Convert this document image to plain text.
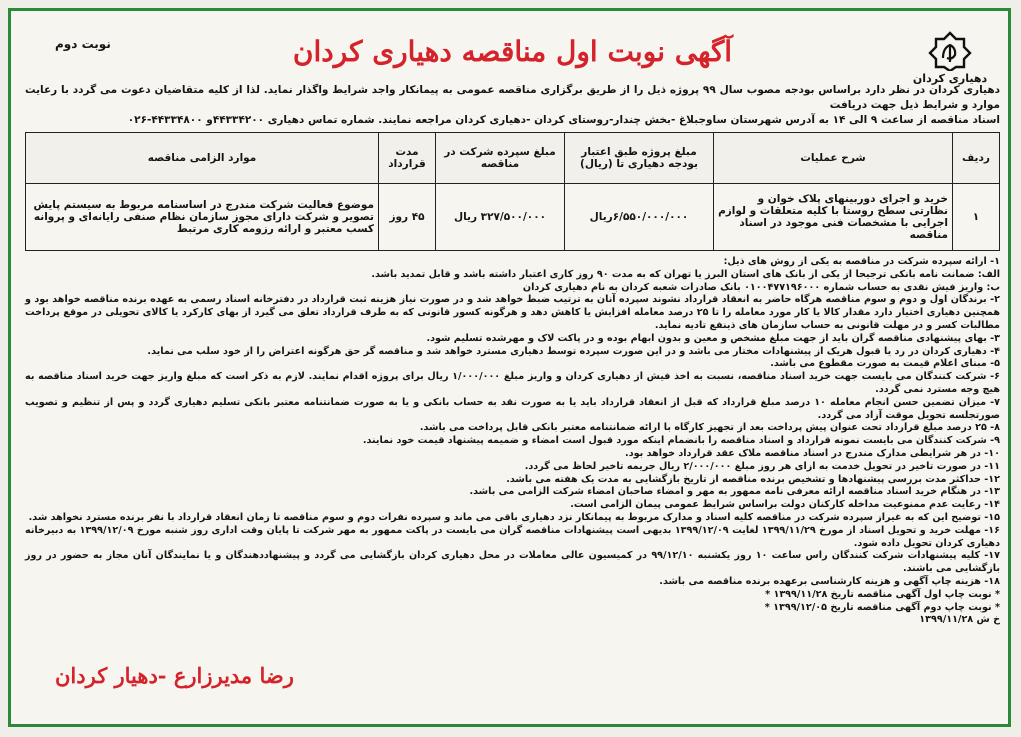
دهیاری کردان
آگهی نوبت اول مناقصه دهیاری کردان
نوبت دوم
دهیاری کردان در نظر دارد براساس بودجه مصوب سال ۹۹ پروژه ذیل را از طریق برگزاری مناقصه عمومی به پیمانکار واجد شرایط واگذار نماید. لذا از کلیه متقاضیان دعوت می گردد با رعایت موارد و شرایط ذیل جهت دریافت
اسناد مناقصه از ساعت ۹ الی ۱۴ به آدرس شهرستان ساوجبلاغ -بخش چندار-روستای کردان -دهیاری کردان مراجعه نمایند. شماره تماس دهیاری ۴۴۳۳۴۲۰۰و ۴۴۳۳۴۸۰۰-۰۲۶
ردیف	شرح عملیات	مبلغ پروژه طبق اعتبار بودجه دهیاری تا (ریال)	مبلغ سپرده شرکت در مناقصه	مدت قرارداد	موارد الزامی مناقصه
۱	خرید و اجرای دوربینهای پلاک خوان و نظارتی سطح روستا با کلیه متعلقات و لوازم اجرایی با مشخصات فنی موجود در اسناد مناقصه	۶/۵۵۰/۰۰۰/۰۰۰ریال	۳۲۷/۵۰۰/۰۰۰ ریال	۴۵ روز	موضوع فعالیت شرکت مندرج در اساسنامه مربوط به سیستم پایش تصویر و شرکت دارای مجوز سازمان نظام صنفی رایانه‌ای و پروانه کسب معتبر و ارائه رزومه کاری مرتبط
۱- ارائه سپرده شرکت در مناقصه به یکی از روش های ذیل:
الف: ضمانت نامه بانکی ترجیحا از یکی از بانک های استان البرز یا تهران که به مدت ۹۰ روز کاری اعتبار داشته باشد و قابل تمدید باشد.
ب: واریز فیش نقدی به حساب شماره ۰۱۰۰۴۷۷۱۹۶۰۰۰ بانک صادرات شعبه کردان به نام دهیاری کردان
۲- برندگان اول و دوم و سوم مناقصه هرگاه حاضر به انعقاد قرارداد نشوند سپرده آنان به ترتیب ضبط خواهد شد و در صورت نیاز هزینه ثبت قرارداد در دفترخانه اسناد رسمی به عهده برنده مناقصه خواهد بود و همچنین دهیاری اختیار دارد مقدار کالا یا کار مورد معامله را تا ۲۵ درصد معامله افزایش یا کاهش دهد و هرگونه کسور قانونی که به طرف قرارداد تعلق می گیرد از بهای کارکرد یا کالای تحویلی در موقع پرداخت مطالبات کسر و در مهلت قانونی به حساب سازمان های ذینفع تادیه نماید.
۳- بهای پیشنهادی مناقصه گران باید از جهت مبلغ مشخص و معین و بدون ابهام بوده و در پاکت لاک و مهرشده تسلیم شود.
۴- دهیاری کردان در رد یا قبول هریک از پیشنهادات مختار می باشد و در این صورت سپرده توسط دهیاری مسترد خواهد شد و مناقصه گر حق هرگونه اعتراض را از خود سلب می نماید.
۵- مبنای اعلام قیمت به صورت مقطوع می باشد.
۶- شرکت کنندگان می بایست جهت خرید اسناد مناقصه، نسبت به اخذ فیش از دهیاری کردان و واریز مبلغ ۱/۰۰۰/۰۰۰ ریال برای پروژه اقدام نمایند. لازم به ذکر است که مبلغ واریز جهت خرید اسناد مناقصه به هیچ وجه مسترد نمی گردد.
۷- میزان تضمین حسن انجام معامله ۱۰ درصد مبلغ قرارداد که قبل از انعقاد قرارداد باید یا به صورت نقد به حساب بانکی و یا به صورت ضمانتنامه معتبر بانکی تسلیم دهیاری گردد و پس از تنظیم و تصویب صورتجلسه تحویل موقت آزاد می گردد.
۸- ۲۵ درصد مبلغ قرارداد تحت عنوان پیش پرداخت بعد از تجهیز کارگاه با ارائه ضمانتنامه معتبر بانکی قابل پرداخت می باشد.
۹- شرکت کنندگان می بایست نمونه قرارداد و اسناد مناقصه را بانضمام اینکه مورد قبول است امضاء و ضمیمه پیشنهاد قیمت خود نمایند.
۱۰- در هر شرایطی مدارک مندرج در اسناد مناقصه ملاک عقد قرارداد خواهد بود.
۱۱- در صورت تاخیر در تحویل خدمت به ازای هر روز مبلغ ۲/۰۰۰/۰۰۰ ریال جریمه تاخیر لحاظ می گردد.
۱۲- حداکثر مدت بررسی پیشنهادها و تشخیص برنده مناقصه از تاریخ بازگشایی به مدت یک هفته می باشد.
۱۳- در هنگام خرید اسناد مناقصه ارائه معرفی نامه ممهور به مهر و امضاء صاحبان امضاء شرکت الزامی می باشد.
۱۴- رعایت عدم ممنوعیت مداخله کارکنان دولت براساس شرایط عمومی پیمان الزامی است.
۱۵- توضیح این که به غیراز سپرده شرکت در مناقصه کلیه اسناد و مدارک مربوط به پیمانکار نزد دهیاری باقی می ماند و سپرده نفرات دوم و سوم مناقصه تا زمان انعقاد قرارداد با نفر برنده مسترد نخواهد شد.
۱۶- مهلت خرید و تحویل اسناد از مورخ ۱۳۹۹/۱۱/۲۹ لغایت ۱۳۹۹/۱۲/۰۹ بدیهی است پیشنهادات مناقصه گران می بایست در پاکت ممهور به مهر شرکت تا پایان وقت اداری روز شنبه مورخ ۱۳۹۹/۱۲/۰۹ به دبیرخانه دهیاری کردان تحویل داده شود.
۱۷- کلیه پیشنهادات شرکت کنندگان راس ساعت ۱۰ روز یکشنبه ۹۹/۱۲/۱۰ در کمیسیون عالی معاملات در محل دهیاری کردان بازگشایی می گردد و پیشنهاددهندگان و یا نمایندگان آنان مجاز به حضور در روز بازگشایی می باشند.
۱۸- هزینه چاپ آگهی و هزینه کارشناسی برعهده برنده مناقصه می باشد.
* نوبت چاپ اول آگهی مناقصه تاریخ ۱۳۹۹/۱۱/۲۸ *
* نوبت چاپ دوم آگهی مناقصه تاریخ ۱۳۹۹/۱۲/۰۵ *
خ ش ۱۳۹۹/۱۱/۲۸
رضا مدیرزارع -دهیار کردان
